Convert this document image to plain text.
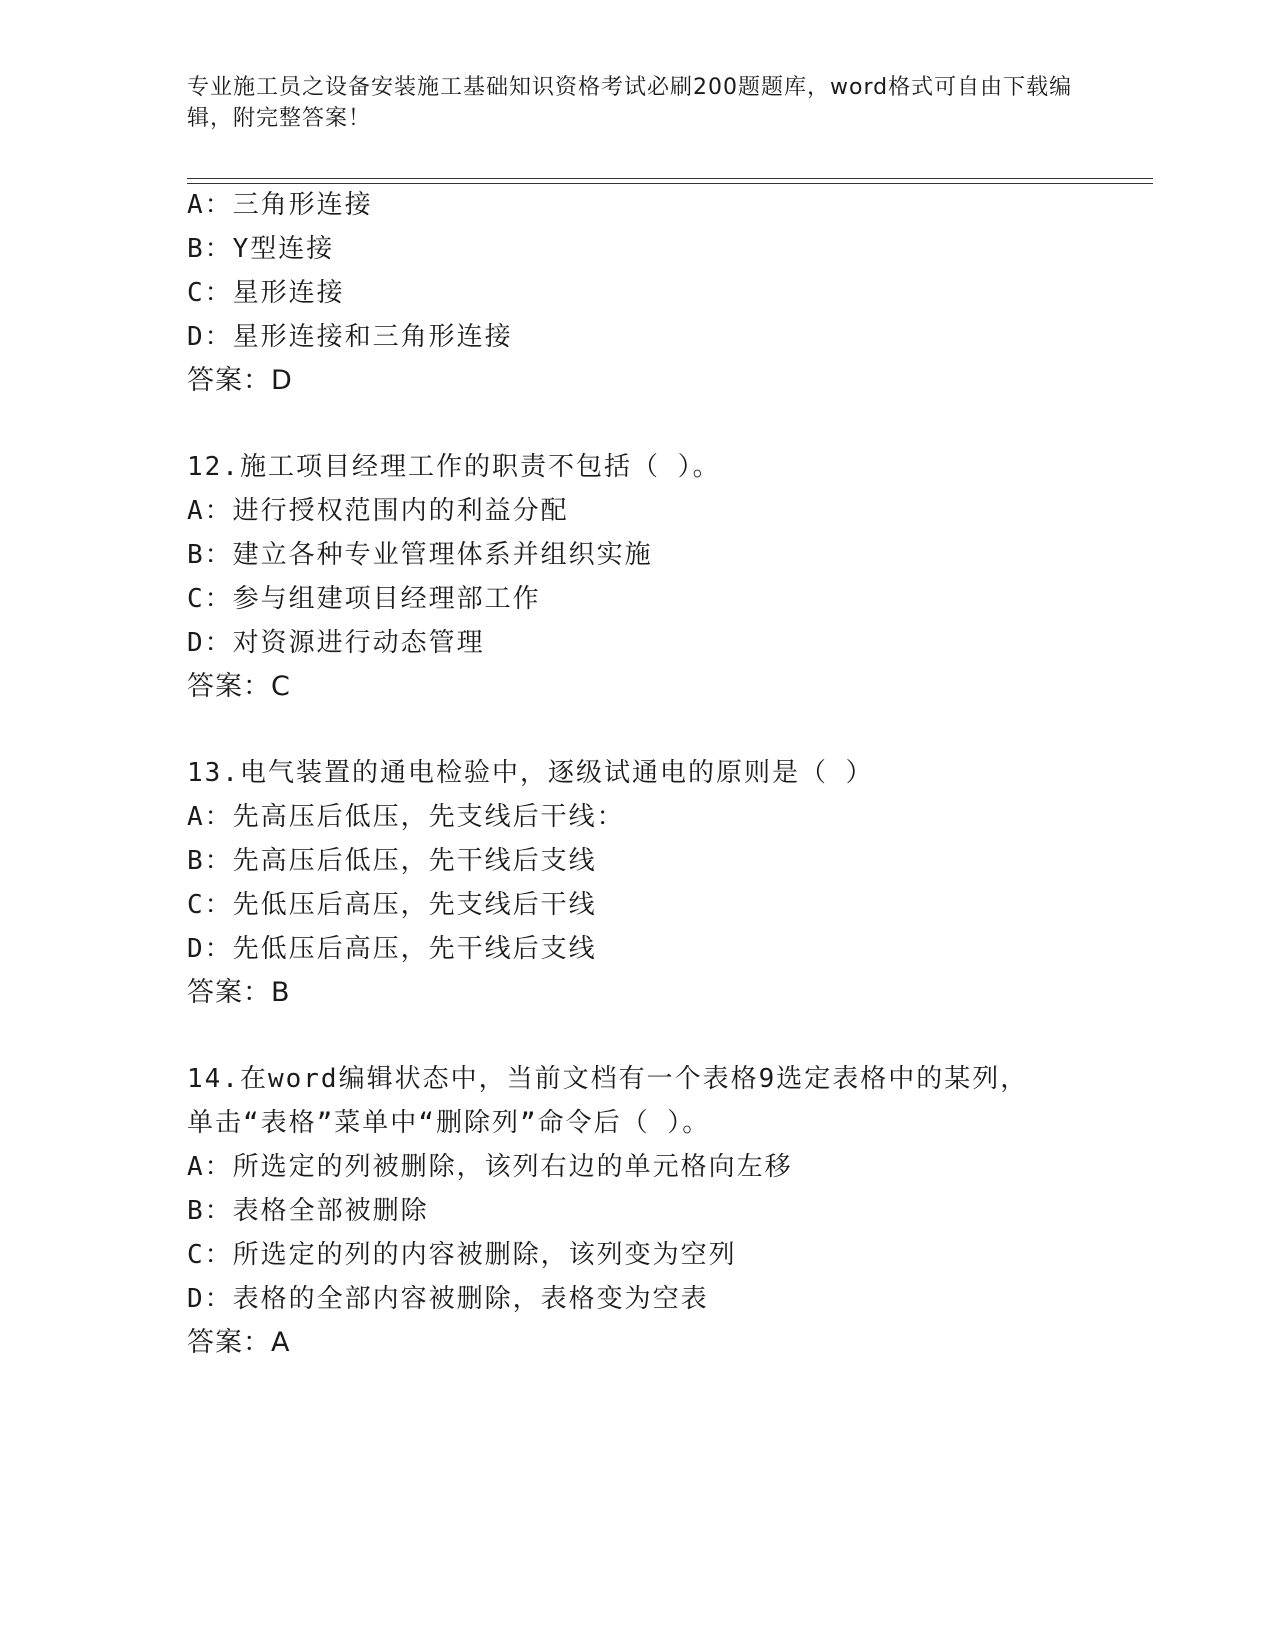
专业施工员之设备安装施工基础知识资格考试必刷200题题库，word格式可自由下载编辑，附完整答案！
A：三角形连接
B：Y型连接
C：星形连接
D：星形连接和三角形连接
答案：D
12.施工项目经理工作的职责不包括（ ）。
A：进行授权范围内的利益分配
B：建立各种专业管理体系并组织实施
C：参与组建项目经理部工作
D：对资源进行动态管理
答案：C
13.电气装置的通电检验中，逐级试通电的原则是（ ）
A：先高压后低压，先支线后干线：
B：先高压后低压，先干线后支线
C：先低压后高压，先支线后干线
D：先低压后高压，先干线后支线
答案：B
14.在word编辑状态中，当前文档有一个表格9选定表格中的某列，
单击“表格”菜单中“删除列”命令后（ ）。
A：所选定的列被删除，该列右边的单元格向左移
B：表格全部被删除
C：所选定的列的内容被删除，该列变为空列
D：表格的全部内容被删除，表格变为空表
答案：A
